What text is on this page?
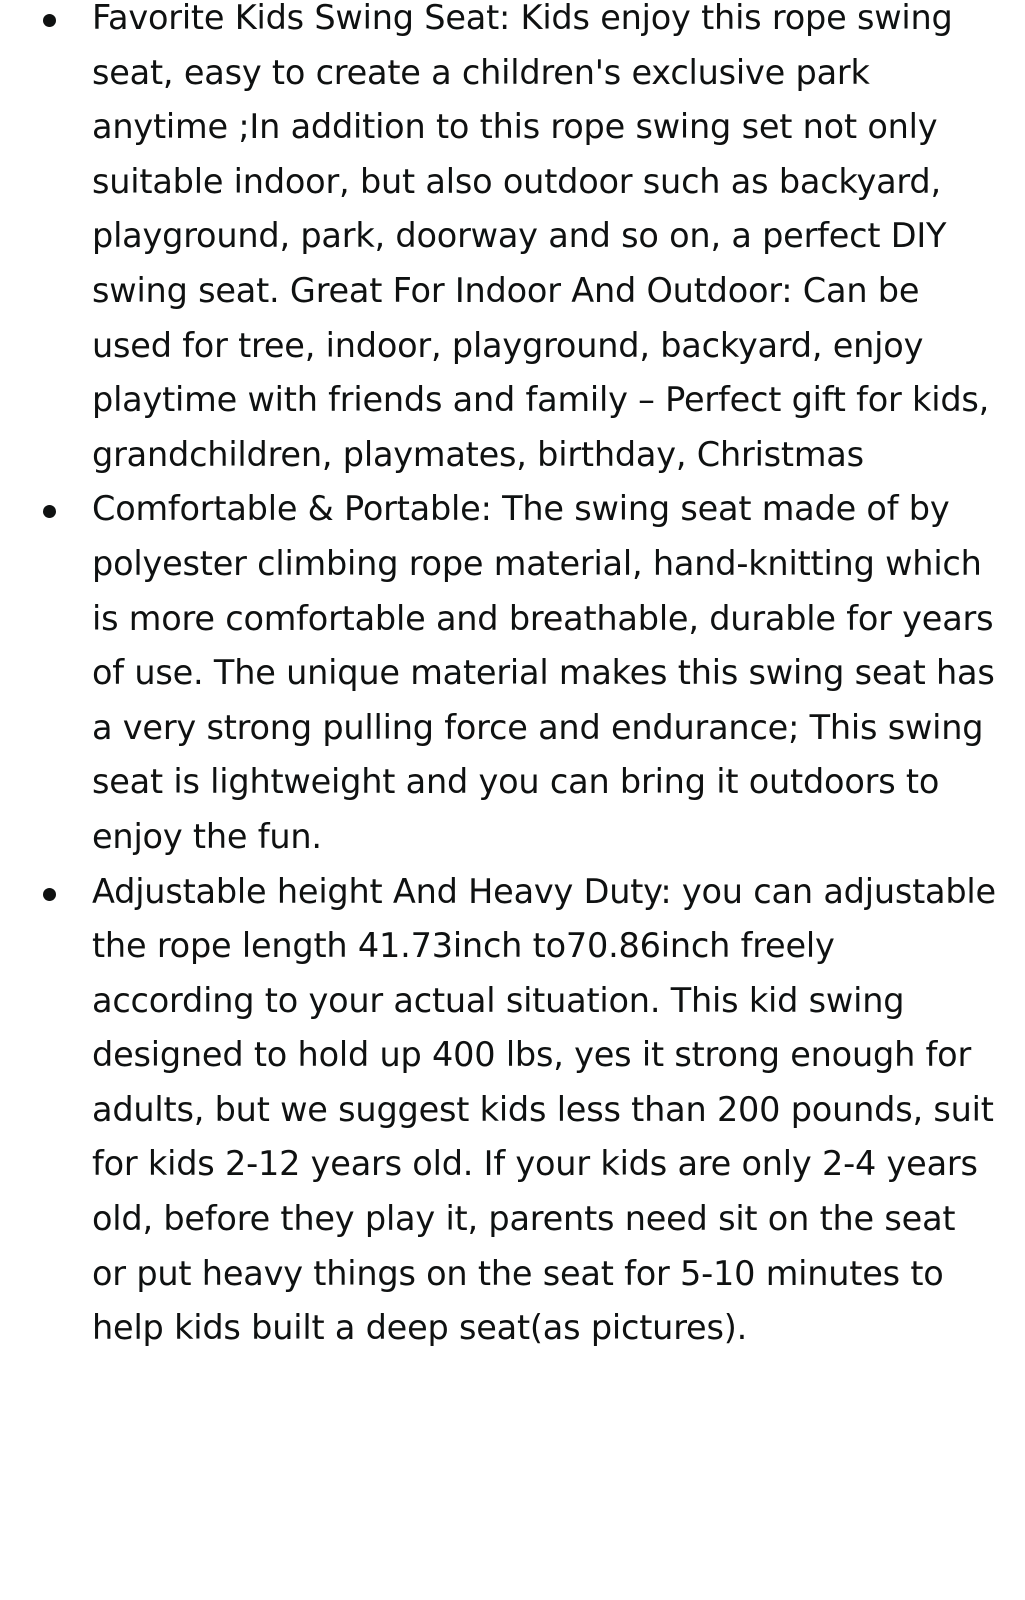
Favorite Kids Swing Seat: Kids enjoy this rope swing seat, easy to create a children's exclusive park anytime ;In addition to this rope swing set not only suitable indoor, but also outdoor such as backyard, playground, park, doorway and so on, a perfect DIY swing seat. Great For Indoor And Outdoor: Can be used for tree, indoor, playground, backyard, enjoy playtime with friends and family – Perfect gift for kids, grandchildren, playmates, birthday, Christmas
Comfortable & Portable: The swing seat made of by polyester climbing rope material, hand-knitting which is more comfortable and breathable, durable for years of use. The unique material makes this swing seat has a very strong pulling force and endurance; This swing seat is lightweight and you can bring it outdoors to enjoy the fun.
Adjustable height And Heavy Duty: you can adjustable the rope length 41.73inch to70.86inch freely according to your actual situation. This kid swing designed to hold up 400 lbs, yes it strong enough for adults, but we suggest kids less than 200 pounds, suit for kids 2-12 years old. If your kids are only 2-4 years old, before they play it, parents need sit on the seat or put heavy things on the seat for 5-10 minutes to help kids built a deep seat(as pictures).
